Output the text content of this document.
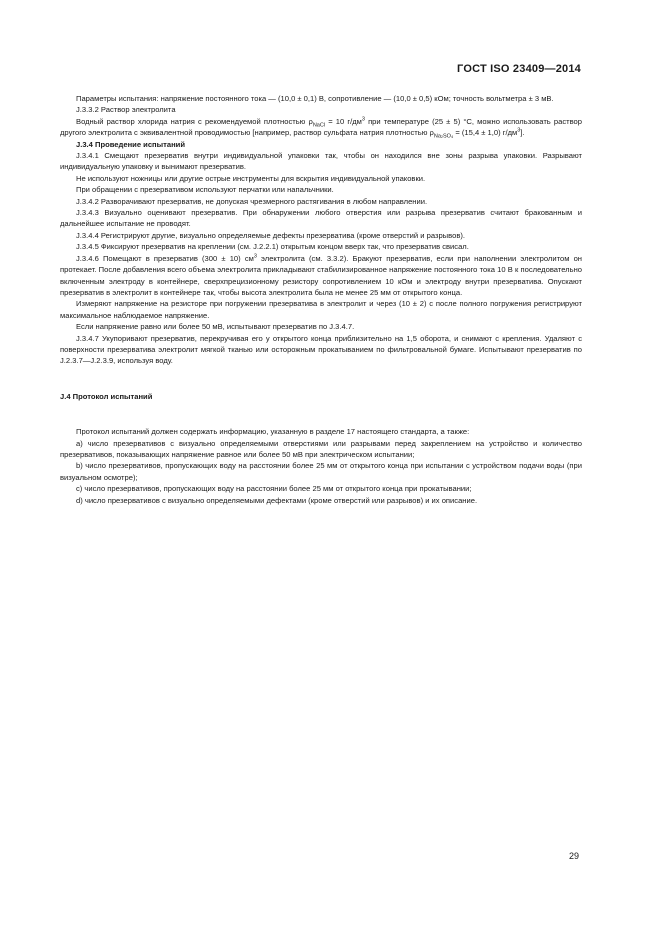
ГОСТ ISO 23409—2014

Параметры испытания: напряжение постоянного тока — (10,0 ± 0,1) В, сопротивление — (10,0 ± 0,5) кОм; точность вольтметра ± 3 мВ.

J.3.3.2 Раствор электролита

Водный раствор хлорида натрия с рекомендуемой плотностью $\rho_{NaCl} = 10$ $г/дм^3$ при температуре (25 ± 5) °С, можно использовать раствор другого электролита с эквивалентной проводимостью [например, раствор сульфата натрия плотностью $\rho_{Na_2SO_4} = (15,4 \pm 1,0)$ $г/дм^3$].

J.3.4 Проведение испытаний

J.3.4.1 Смещают презерватив внутри индивидуальной упаковки так, чтобы он находился вне зоны разрыва упаковки. Разрывают индивидуальную упаковку и вынимают презерватив.

Не используют ножницы или другие острые инструменты для вскрытия индивидуальной упаковки.

При обращении с презервативом используют перчатки или напальчники.

J.3.4.2 Разворачивают презерватив, не допуская чрезмерного растягивания в любом направлении.

J.3.4.3 Визуально оценивают презерватив. При обнаружении любого отверстия или разрыва презерватив считают бракованным и дальнейшее испытание не проводят.

J.3.4.4 Регистрируют другие, визуально определяемые дефекты презерватива (кроме отверстий и разрывов).

J.3.4.5 Фиксируют презерватив на креплении (см. J.2.2.1) открытым концом вверх так, что презерватив свисал.

J.3.4.6 Помещают в презерватив (300 ± 10) $см^3$ электролита (см. 3.3.2). Бракуют презерватив, если при наполнении электролитом он протекает. После добавления всего объема электролита прикладывают стабилизированное напряжение постоянного тока 10 В к последовательно включенным электроду в контейнере, сверхпрецизионному резистору сопротивлением 10 кОм и электроду внутри презерватива. Опускают презерватив в электролит в контейнере так, чтобы высота электролита была не менее 25 мм от открытого конца.

Измеряют напряжение на резисторе при погружении презерватива в электролит и через (10 ± 2) с после полного погружения регистрируют максимальное наблюдаемое напряжение.

Если напряжение равно или более 50 мВ, испытывают презерватив по J.3.4.7.

J.3.4.7 Укупоривают презерватив, перекручивая его у открытого конца приблизительно на 1,5 оборота, и снимают с крепления. Удаляют с поверхности презерватива электролит мягкой тканью или осторожным прокатыванием по фильтровальной бумаге. Испытывают презерватив по J.2.3.7—J.2.3.9, используя воду.

J.4 Протокол испытаний

Протокол испытаний должен содержать информацию, указанную в разделе 17 настоящего стандарта, а также:

a) число презервативов с визуально определяемыми отверстиями или разрывами перед закреплением на устройство и количество презервативов, показывающих напряжение равное или более 50 мВ при электрическом испытании;

b) число презервативов, пропускающих воду на расстоянии более 25 мм от открытого конца при испытании с устройством подачи воды (при визуальном осмотре);

c) число презервативов, пропускающих воду на расстоянии более 25 мм от открытого конца при прокатывании;

d) число презервативов с визуально определяемыми дефектами (кроме отверстий или разрывов) и их описание.

29
